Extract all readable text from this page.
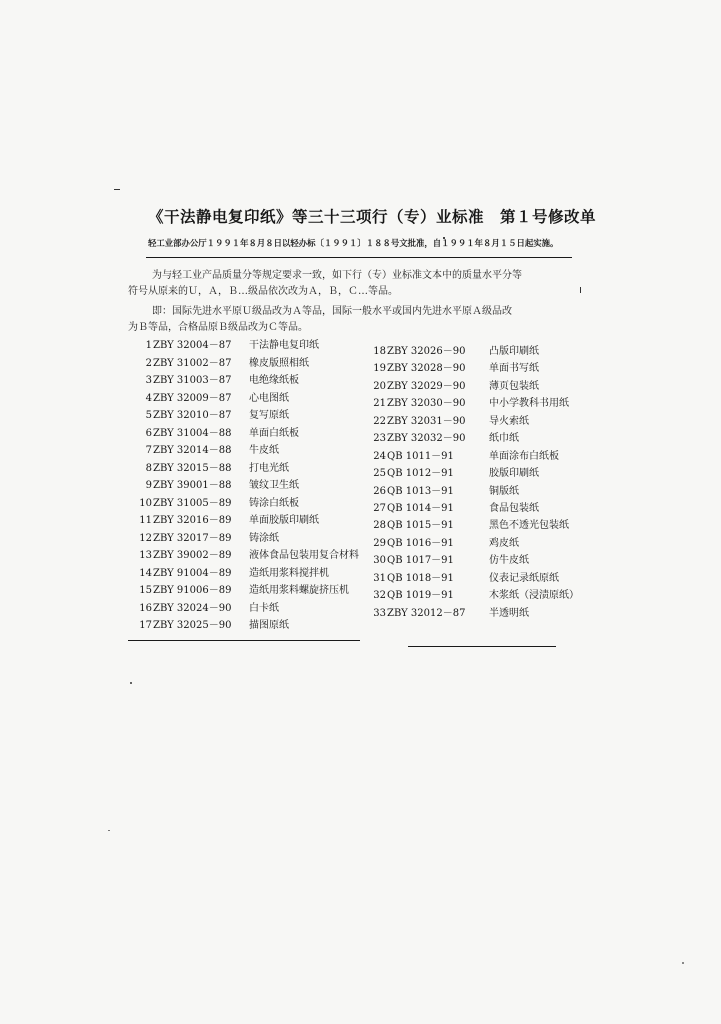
《干法静电复印纸》等三十三项行（专）业标准　第１号修改单
轻工业部办公厅１９９１年８月８日以轻办标〔１９９１〕１８８号文批准，自１９９１年８月１５日起实施。
为与轻工业产品质量分等规定要求一致，如下行（专）业标准文本中的质量水平分等
符号从原来的Ｕ，Ａ，Ｂ…级品依次改为Ａ，Ｂ，Ｃ…等品。
即：国际先进水平原Ｕ级品改为Ａ等品，国际一般水平或国内先进水平原Ａ级品改
为Ｂ等品，合格品原Ｂ级品改为Ｃ等品。
1ZBY 32004－87 干法静电复印纸
2ZBY 31002－87 橡皮版照相纸
3ZBY 31003－87 电绝缘纸板
4ZBY 32009－87 心电图纸
5ZBY 32010－87 复写原纸
6ZBY 31004－88 单面白纸板
7ZBY 32014－88 牛皮纸
8ZBY 32015－88 打电光纸
9ZBY 39001－88 皱纹卫生纸
10ZBY 31005－89 铸涂白纸板
11ZBY 32016－89 单面胶版印刷纸
12ZBY 32017－89 铸涂纸
13ZBY 39002－89 液体食品包装用复合材料
14ZBY 91004－89 造纸用浆料搅拌机
15ZBY 91006－89 造纸用浆料螺旋挤压机
16ZBY 32024－90 白卡纸
17ZBY 32025－90 描图原纸
18ZBY 32026－90 凸版印刷纸
19ZBY 32028－90 单面书写纸
20ZBY 32029－90 薄页包装纸
21ZBY 32030－90 中小学教科书用纸
22ZBY 32031－90 导火索纸
23ZBY 32032－90 纸巾纸
24QB 1011－91	单面涂布白纸板
25QB 1012－91	胶版印刷纸
26QB 1013－91	铜版纸
27QB 1014－91	食品包装纸
28QB 1015－91	黑色不透光包装纸
29QB 1016－91	鸡皮纸
30QB 1017－91	仿牛皮纸
31QB 1018－91	仪表记录纸原纸
32QB 1019－91	木浆纸（浸渍原纸）
33ZBY 32012－87 半透明纸
